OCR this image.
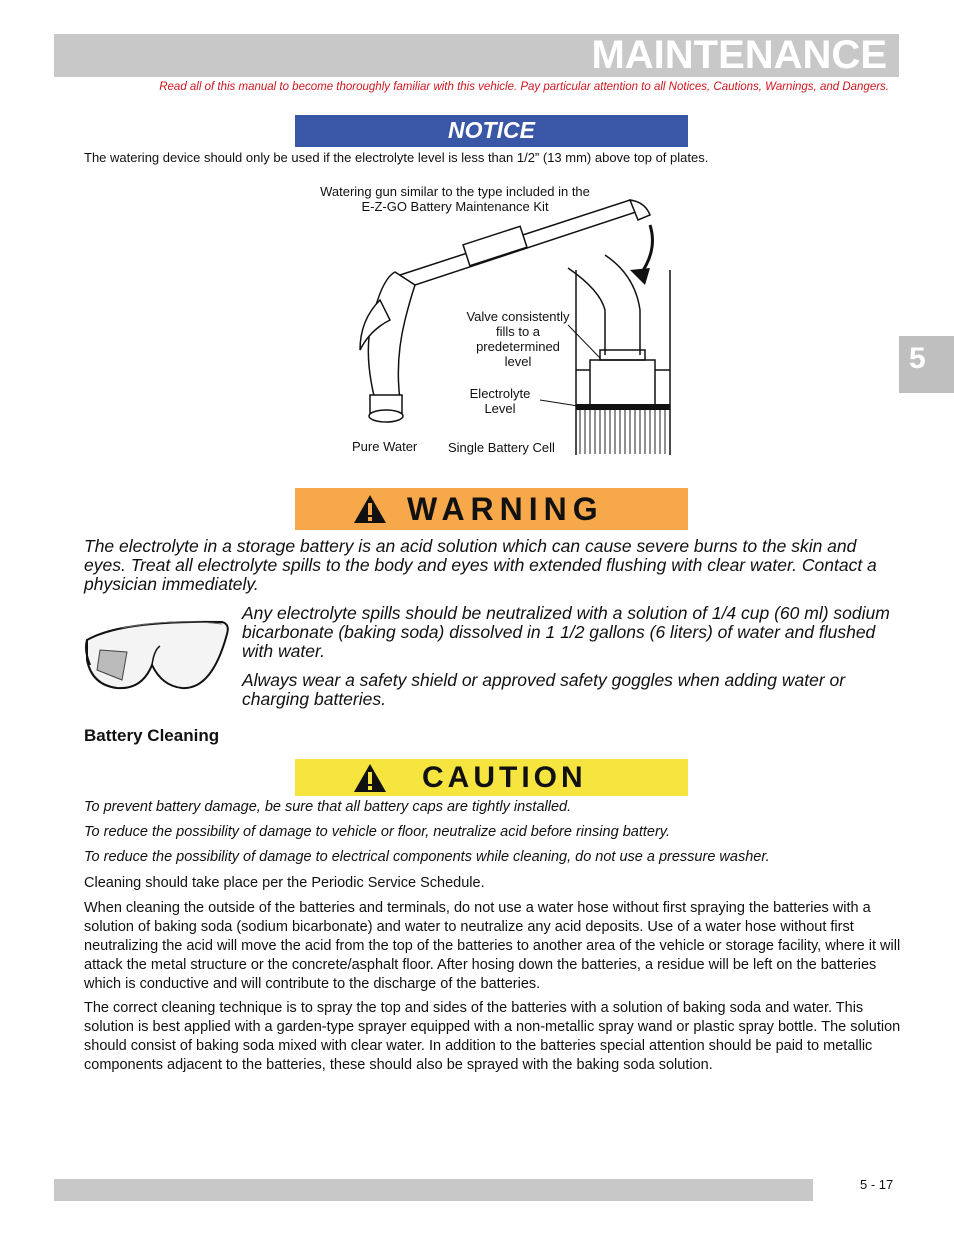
MAINTENANCE
Read all of this manual to become thoroughly familiar with this vehicle. Pay particular attention to all Notices, Cautions, Warnings, and Dangers.
NOTICE
The watering device should only be used if the electrolyte level is less than 1/2” (13 mm) above top of plates.
Watering gun similar to the type included in the
E-Z-GO Battery Maintenance Kit
Valve consistently
fills to a
predetermined
level
Electrolyte
Level
Pure Water Single Battery Cell
WARNING
The electrolyte in a storage battery is an acid solution which can cause severe burns to the skin and eyes. Treat all electrolyte spills to the body and eyes with extended flushing with clear water. Contact a physician immediately.
Any electrolyte spills should be neutralized with a solution of 1/4 cup (60 ml) sodium bicarbonate (baking soda) dissolved in 1 1/2 gallons (6 liters) of water and flushed with water.
Always wear a safety shield or approved safety goggles when adding water or charging batteries.
Battery Cleaning
CAUTION
To prevent battery damage, be sure that all battery caps are tightly installed.
To reduce the possibility of damage to vehicle or floor, neutralize acid before rinsing battery.
To reduce the possibility of damage to electrical components while cleaning, do not use a pressure washer.
Cleaning should take place per the Periodic Service Schedule.
When cleaning the outside of the batteries and terminals, do not use a water hose without first spraying the batteries with a solution of baking soda (sodium bicarbonate) and water to neutralize any acid deposits. Use of a water hose without first neutralizing the acid will move the acid from the top of the batteries to another area of the vehicle or storage facility, where it will attack the metal structure or the concrete/asphalt floor. After hosing down the batteries, a residue will be left on the batteries which is conductive and will contribute to the discharge of the batteries.
The correct cleaning technique is to spray the top and sides of the batteries with a solution of baking soda and water. This solution is best applied with a garden-type sprayer equipped with a non-metallic spray wand or plastic spray bottle. The solution should consist of baking soda mixed with clear water. In addition to the batteries special attention should be paid to metallic components adjacent to the batteries, these should also be sprayed with the baking soda solution.
5
5 - 17
